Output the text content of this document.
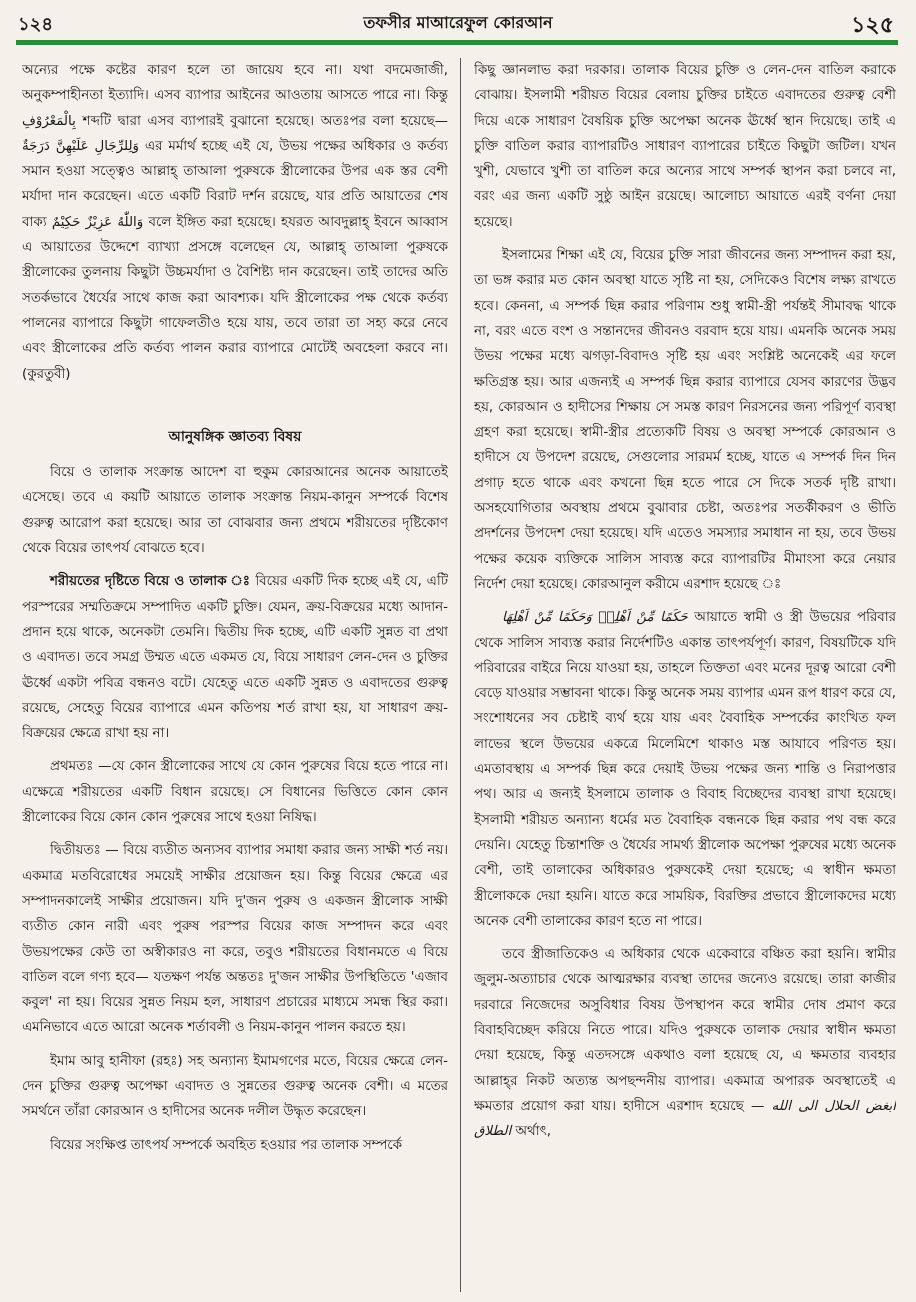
১২৪	তফসীর মাআরেফুল কোরআন	১২৫

অন্যের পক্ষে কষ্টের কারণ হলে তা জায়েয হবে না। যথা বদমেজাজী, অনুকম্পাহীনতা ইত্যাদি। এসব ব্যাপার আইনের আওতায় আসতে পারে না। কিন্তু بِالْمَعْرُوْفِ শব্দটি দ্বারা এসব ব্যাপারই বুঝানো হয়েছে। অতঃপর বলা হয়েছে— وَلِلرِّجَالِ عَلَيْهِنَّ دَرَجَةٌ এর মর্মার্থ হচ্ছে এই যে, উভয় পক্ষের অধিকার ও কর্তব্য সমান হওয়া সত্ত্বেও আল্লাহ্ তাআলা পুরুষকে স্ত্রীলোকের উপর এক স্তর বেশী মর্যাদা দান করেছেন। এতে একটি বিরাট দর্শন রয়েছে, যার প্রতি আয়াতের শেষ বাক্য وَاللّٰهُ عَزِيْزٌ حَكِيْمٌ বলে ইঙ্গিত করা হয়েছে। হযরত আবদুল্লাহ্ ইবনে আব্বাস এ আয়াতের উদ্দেশে ব্যাখ্যা প্রসঙ্গে বলেছেন যে, আল্লাহ্ তাআলা পুরুষকে স্ত্রীলোকের তুলনায় কিছুটা উচ্চমর্যাদা ও বৈশিষ্ট্য দান করেছেন। তাই তাদের অতি সতর্কভাবে ধৈর্যের সাথে কাজ করা আবশ্যক। যদি স্ত্রীলোকের পক্ষ থেকে কর্তব্য পালনের ব্যাপারে কিছুটা গাফেলতীও হয়ে যায়, তবে তারা তা সহ্য করে নেবে এবং স্ত্রীলোকের প্রতি কর্তব্য পালন করার ব্যাপারে মোটেই অবহেলা করবে না। (কুরতুবী)

আনুষঙ্গিক জ্ঞাতব্য বিষয়

বিয়ে ও তালাক সংক্রান্ত আদেশ বা হুকুম কোরআনের অনেক আয়াতেই এসেছে। তবে এ কয়টি আয়াতে তালাক সংক্রান্ত নিয়ম-কানুন সম্পর্কে বিশেষ গুরুত্ব আরোপ করা হয়েছে। আর তা বোঝবার জন্য প্রথমে শরীয়তের দৃষ্টিকোণ থেকে বিয়ের তাৎপর্য বোঝতে হবে।

শরীয়তের দৃষ্টিতে বিয়ে ও তালাক ঃ বিয়ের একটি দিক হচ্ছে এই যে, এটি পরস্পরের সম্মতিক্রমে সম্পাদিত একটি চুক্তি। যেমন, ক্রয়-বিক্রয়ের মধ্যে আদান-প্রদান হয়ে থাকে, অনেকটা তেমনি। দ্বিতীয় দিক হচ্ছে, এটি একটি সুন্নত বা প্রথা ও এবাদত। তবে সমগ্র উম্মত এতে একমত যে, বিয়ে সাধারণ লেন-দেন ও চুক্তির ঊর্ধ্বে একটা পবিত্র বন্ধনও বটে। যেহেতু এতে একটি সুন্নত ও এবাদতের গুরুত্ব রয়েছে, সেহেতু বিয়ের ব্যাপারে এমন কতিপয় শর্ত রাখা হয়, যা সাধারণ ক্রয়-বিক্রয়ের ক্ষেত্রে রাখা হয় না।

প্রথমতঃ —যে কোন স্ত্রীলোকের সাথে যে কোন পুরুষের বিয়ে হতে পারে না। এক্ষেত্রে শরীয়তের একটি বিধান রয়েছে। সে বিধানের ভিত্তিতে কোন কোন স্ত্রীলোকের বিয়ে কোন কোন পুরুষের সাথে হওয়া নিষিদ্ধ।

দ্বিতীয়তঃ — বিয়ে ব্যতীত অন্যসব ব্যাপার সমাধা করার জন্য সাক্ষী শর্ত নয়। একমাত্র মতবিরোধের সময়েই সাক্ষীর প্রয়োজন হয়। কিন্তু বিয়ের ক্ষেত্রে এর সম্পাদনকালেই সাক্ষীর প্রয়োজন। যদি দু'জন পুরুষ ও একজন স্ত্রীলোক সাক্ষী ব্যতীত কোন নারী এবং পুরুষ পরস্পর বিয়ের কাজ সম্পাদন করে এবং উভয়পক্ষের কেউ তা অস্বীকারও না করে, তবুও শরীয়তের বিধানমতে এ বিয়ে বাতিল বলে গণ্য হবে— যতক্ষণ পর্যন্ত অন্ততঃ দু'জন সাক্ষীর উপস্থিতিতে 'এজাব কবুল' না হয়। বিয়ের সুন্নত নিয়ম হল, সাধারণ প্রচারের মাধ্যমে সমন্ধ স্থির করা। এমনিভাবে এতে আরো অনেক শর্তাবলী ও নিয়ম-কানুন পালন করতে হয়।

ইমাম আবু হানীফা (রহঃ) সহ অন্যান্য ইমামগণের মতে, বিয়ের ক্ষেত্রে লেন-দেন চুক্তির গুরুত্ব অপেক্ষা এবাদত ও সুন্নতের গুরুত্ব অনেক বেশী। এ মতের সমর্থনে তাঁরা কোরআন ও হাদীসের অনেক দলীল উদ্ধৃত করেছেন।

বিয়ের সংক্ষিপ্ত তাৎপর্য সম্পর্কে অবহিত হওয়ার পর তালাক সম্পর্কে

কিছু জ্ঞানলাভ করা দরকার। তালাক বিয়ের চুক্তি ও লেন-দেন বাতিল করাকে বোঝায়। ইসলামী শরীয়ত বিয়ের বেলায় চুক্তির চাইতে এবাদতের গুরুত্ব বেশী দিয়ে একে সাধারণ বৈষয়িক চুক্তি অপেক্ষা অনেক ঊর্ধ্বে স্থান দিয়েছে। তাই এ চুক্তি বাতিল করার ব্যাপারটিও সাধারণ ব্যাপারের চাইতে কিছুটা জটিল। যখন খুশী, যেভাবে খুশী তা বাতিল করে অন্যের সাথে সম্পর্ক স্থাপন করা চলবে না, বরং এর জন্য একটি সুষ্ঠু আইন রয়েছে। আলোচ্য আয়াতে এরই বর্ণনা দেয়া হয়েছে।

ইসলামের শিক্ষা এই যে, বিয়ের চুক্তি সারা জীবনের জন্য সম্পাদন করা হয়, তা ভঙ্গ করার মত কোন অবস্থা যাতে সৃষ্টি না হয়, সেদিকেও বিশেষ লক্ষ্য রাখতে হবে। কেননা, এ সম্পর্ক ছিন্ন করার পরিণাম শুধু স্বামী-স্ত্রী পর্যন্তই সীমাবদ্ধ থাকে না, বরং এতে বংশ ও সন্তানদের জীবনও বরবাদ হয়ে যায়। এমনকি অনেক সময় উভয় পক্ষের মধ্যে ঝগড়া-বিবাদও সৃষ্টি হয় এবং সংশ্লিষ্ট অনেকেই এর ফলে ক্ষতিগ্রস্ত হয়। আর এজন্যই এ সম্পর্ক ছিন্ন করার ব্যাপারে যেসব কারণের উদ্ভব হয়, কোরআন ও হাদীসের শিক্ষায় সে সমস্ত কারণ নিরসনের জন্য পরিপূর্ণ ব্যবস্থা গ্রহণ করা হয়েছে। স্বামী-স্ত্রীর প্রত্যেকটি বিষয় ও অবস্থা সম্পর্কে কোরআন ও হাদীসে যে উপদেশ রয়েছে, সেগুলোর সারমর্ম হচ্ছে, যাতে এ সম্পর্ক দিন দিন প্রগাঢ় হতে থাকে এবং কখনো ছিন্ন হতে পারে সে দিকে সতর্ক দৃষ্টি রাখা। অসহযোগিতার অবস্থায় প্রথমে বুঝাবার চেষ্টা, অতঃপর সতর্কীকরণ ও ভীতি প্রদর্শনের উপদেশ দেয়া হয়েছে। যদি এতেও সমস্যার সমাধান না হয়, তবে উভয় পক্ষের কয়েক ব্যক্তিকে সালিস সাব্যস্ত করে ব্যাপারটির মীমাংসা করে নেয়ার নির্দেশ দেয়া হয়েছে। কোরআনুল করীমে এরশাদ হয়েছে ঃ

حَكَمًا مِّنْ اَهْلِهٖ وَحَكَمًا مِّنْ اَهْلِهَا আয়াতে স্বামী ও স্ত্রী উভয়ের পরিবার থেকে সালিস সাব্যস্ত করার নির্দেশটিও একান্ত তাৎপর্যপূর্ণ। কারণ, বিষয়টিকে যদি পরিবারের বাইরে নিয়ে যাওয়া হয়, তাহলে তিক্ততা এবং মনের দূরত্ব আরো বেশী বেড়ে যাওয়ার সম্ভাবনা থাকে। কিন্তু অনেক সময় ব্যাপার এমন রূপ ধারণ করে যে, সংশোধনের সব চেষ্টাই ব্যর্থ হয়ে যায় এবং বৈবাহিক সম্পর্কের কাংখিত ফল লাভের স্থলে উভয়ের একত্রে মিলেমিশে থাকাও মস্ত আযাবে পরিণত হয়। এমতাবস্থায় এ সম্পর্ক ছিন্ন করে দেয়াই উভয় পক্ষের জন্য শান্তি ও নিরাপত্তার পথ। আর এ জন্যই ইসলামে তালাক ও বিবাহ বিচ্ছেদের ব্যবস্থা রাখা হয়েছে। ইসলামী শরীয়ত অন্যান্য ধর্মের মত বৈবাহিক বন্ধনকে ছিন্ন করার পথ বন্ধ করে দেয়নি। যেহেতু চিন্তাশক্তি ও ধৈর্যের সামর্থ্য স্ত্রীলোক অপেক্ষা পুরুষের মধ্যে অনেক বেশী, তাই তালাকের অধিকারও পুরুষকেই দেয়া হয়েছে; এ স্বাধীন ক্ষমতা স্ত্রীলোককে দেয়া হয়নি। যাতে করে সাময়িক, বিরক্তির প্রভাবে স্ত্রীলোকদের মধ্যে অনেক বেশী তালাকের কারণ হতে না পারে।

তবে স্ত্রীজাতিকেও এ অধিকার থেকে একেবারে বঞ্চিত করা হয়নি। স্বামীর জুলুম-অত্যাচার থেকে আত্মরক্ষার ব্যবস্থা তাদের জন্যেও রয়েছে। তারা কাজীর দরবারে নিজেদের অসুবিধার বিষয় উপস্থাপন করে স্বামীর দোষ প্রমাণ করে বিবাহবিচ্ছেদ করিয়ে নিতে পারে। যদিও পুরুষকে তালাক দেয়ার স্বাধীন ক্ষমতা দেয়া হয়েছে, কিন্তু এতদসঙ্গে একথাও বলা হয়েছে যে, এ ক্ষমতার ব্যবহার আল্লাহ্‌র নিকট অত্যন্ত অপছন্দনীয় ব্যাপার। একমাত্র অপারক অবস্থাতেই এ ক্ষমতার প্রয়োগ করা যায়। হাদীসে এরশাদ হয়েছে — ابغض الحلال الى الله الطلاق অর্থাৎ,
